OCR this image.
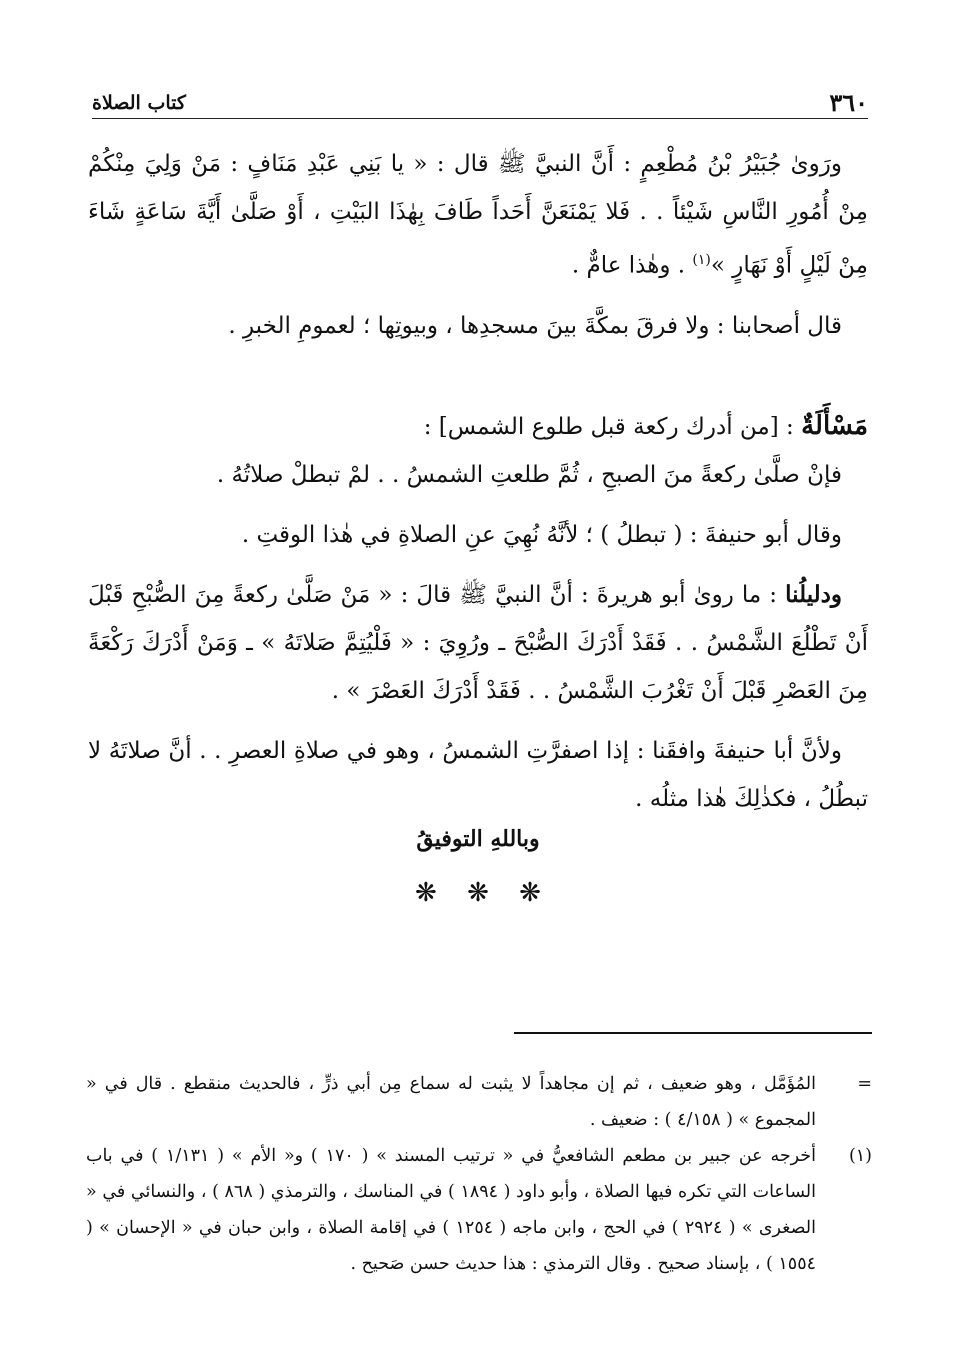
٣٦٠
كتاب الصلاة

ورَوىٰ جُبَيْرُ بْنُ مُطْعِمٍ : أَنَّ النبيَّ ﷺ قال : « يا بَنِي عَبْدِ مَنَافٍ : مَنْ وَلِيَ مِنْكُمْ مِنْ أُمُورِ النَّاسِ شَيْئاً . . فَلا يَمْنَعَنَّ أَحَداً طَافَ بِهٰذَا البَيْتِ ، أَوْ صَلَّىٰ أَيَّةَ سَاعَةٍ شَاءَ مِنْ لَيْلٍ أَوْ نَهَارٍ »$^{(١)}$ . وهٰذا عامٌّ .

قال أصحابنا : ولا فرقَ بمكَّةَ بينَ مسجدِها ، وبيوتِها ؛ لعمومِ الخبرِ .

مَسْأَلَةٌ : [من أدرك ركعة قبل طلوع الشمس] :

فإنْ صلَّىٰ ركعةً منَ الصبحِ ، ثُمَّ طلعتِ الشمسُ . . لمْ تبطلْ صلاتُهُ .

وقال أبو حنيفةَ : ( تبطلُ ) ؛ لأنَّهُ نُهِيَ عنِ الصلاةِ في هٰذا الوقتِ .

ودليلُنا : ما روىٰ أبو هريرةَ : أنَّ النبيَّ ﷺ قالَ : « مَنْ صَلَّىٰ ركعةً مِنَ الصُّبْحِ قَبْلَ أَنْ تَطْلُعَ الشَّمْسُ . . فَقَدْ أَدْرَكَ الصُّبْحَ ـ ورُوِيَ : « فَلْيُتِمَّ صَلاتَهُ » ـ وَمَنْ أَدْرَكَ رَكْعَةً مِنَ العَصْرِ قَبْلَ أَنْ تَغْرُبَ الشَّمْسُ . . فَقَدْ أَدْرَكَ العَصْرَ » .

ولأنَّ أبا حنيفةَ وافقَنا : إذا اصفرَّتِ الشمسُ ، وهو في صلاةِ العصرِ . . أنَّ صلاتَهُ لا تبطُلُ ، فكذٰلِكَ هٰذا مثلُه .

وباللهِ التوفيقُ
❋ ❋ ❋
=
المُؤَمَّل ، وهو ضعيف ، ثم إن مجاهداً لا يثبت له سماع مِن أبي ذرٍّ ، فالحديث منقطع . قال في « المجموع » ( ٤/١٥٨ ) : ضعيف .
(١)
أخرجه عن جبير بن مطعم الشافعيُّ في « ترتيب المسند » ( ١٧٠ ) و« الأم » ( ١/١٣١ ) في باب الساعات التي تكره فيها الصلاة ، وأبو داود ( ١٨٩٤ ) في المناسك ، والترمذي ( ٨٦٨ ) ، والنسائي في « الصغرى » ( ٢٩٢٤ ) في الحج ، وابن ماجه ( ١٢٥٤ ) في إقامة الصلاة ، وابن حبان في « الإحسان » ( ١٥٥٤ ) ، بإسناد صحيح . وقال الترمذي : هذا حديث حسن صَحيح .
